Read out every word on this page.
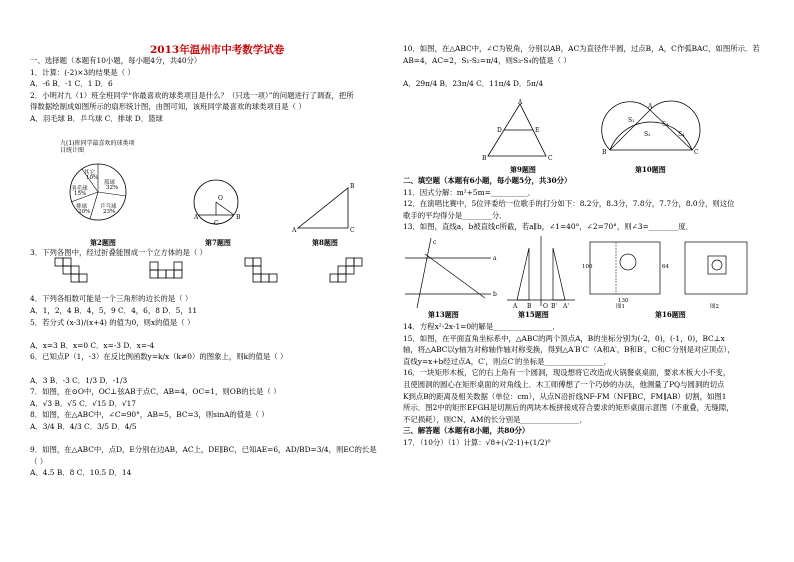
2013年温州市中考数学试卷
一、选择题（本题有10小题，每小题4分，共40分）
1．计算：(-2)×3的结果是（ ）
A．-6 B．-1 C．1 D．6
2．小明对九（1）班全班同学“你最喜欢的球类项目是什么？（只选一项）”的问题进行了调查，把所
得数据绘制成如图所示的扇形统计图，由图可知，该班同学最喜欢的球类项目是（ ）
A．羽毛球 B．乒乓球 C．排球 D．篮球
九(1)班同学最喜欢的球类项目统计图
其它
10%
羽毛球
15%
篮球
32%
排球
20%
乒乓球
23%
A	B
C
O
A	C
B
第2题图	第7题图	第8题图
3．下列各图中，经过折叠能围成一个立方体的是（ ）
4．下列各组数可能是一个三角形的边长的是（ ）
A．1，2，4 B．4，5，9 C．4，6，8 D．5，11
5．若分式 (x-3)/(x+4) 的值为0，则x的值是（ ）
A．x=3 B．x=0 C．x=-3 D．x=-4
6．已知点P（1，-3）在反比例函数y=k/x（k≠0）的图象上，则k的值是（ ）
A．3 B．-3 C．1/3 D．-1/3
7．如图，在⊙O中，OC⊥弦AB于点C，AB=4，OC=1，则OB的长是（ ）
A．√3 B．√5 C．√15 D．√17
8．如图，在△ABC中，∠C=90°，AB=5，BC=3，则sinA的值是（ ）
A．3/4 B．4/3 C．3/5 D．4/5
9．如图，在△ABC中，点D，E分别在边AB，AC上，DE∥BC，已知AE=6，AD/BD=3/4，则EC的长是
（ ）
A．4.5 B．8 C．10.5 D．14
10．如图，在△ABC中，∠C为锐角，分别以AB，AC为直径作半圆，过点B，A，C作弧BAC，如图所示．若
AB=4，AC=2，S₁-S₂=π/4，则S₃-S₄的值是（ ）
A．29π/4 B．23π/4 C．11π/4 D．5π/4
A
D	E
B	C
S₁
S₂
S₃
S₄
B	C
A
第9题图	第10题图
二、填空题（本题有6小题，每小题5分，共30分）
11．因式分解：m²+5m=__________．
12．在演唱比赛中，5位评委给一位歌手的打分如下：8.2分，8.3分，7.8分，7.7分，8.0分，则这位
歌手的平均得分是________分．
13．如图，直线a，b被直线c所截，若a∥b，∠1=40°，∠2=70°，则∠3=________度．
a
b
c
A B O B' A'
100
130
64
图1	图2
第13题图	第15题图	第16题图
14．方程x²-2x-1=0的解是________________．
15．如图，在平面直角坐标系中，△ABC的两个顶点A，B的坐标分别为(-2，0)，(-1，0)，BC⊥x
轴，将△ABC以y轴为对称轴作轴对称变换，得到△A′B′C′（A和A′，B和B′，C和C′分别是对应顶点），
直线y=x+b经过点A，C′，则点C′的坐标是________________．
16．一块矩形木板，它的右上角有一个圆洞，现设想将它改造成火锅餐桌桌面，要求木板大小不变，
且使圆洞的圆心在矩形桌面的对角线上．木工师傅想了一个巧妙的办法，他测量了PQ与圆洞的切点
K到点B的距离及相关数据（单位：cm），从点N沿折线NF-FM（NF∥BC，FM∥AB）切割，如图1
所示．图2中的矩形EFGH是切割后的两块木板拼接成符合要求的矩形桌面示意图（不重叠，无缝隙，
不记损耗），则CN，AM的长分别是________________．
三、解答题（本题有8小题，共80分）
17．（10分）（1）计算：√8+(√2-1)+(1/2)⁰
